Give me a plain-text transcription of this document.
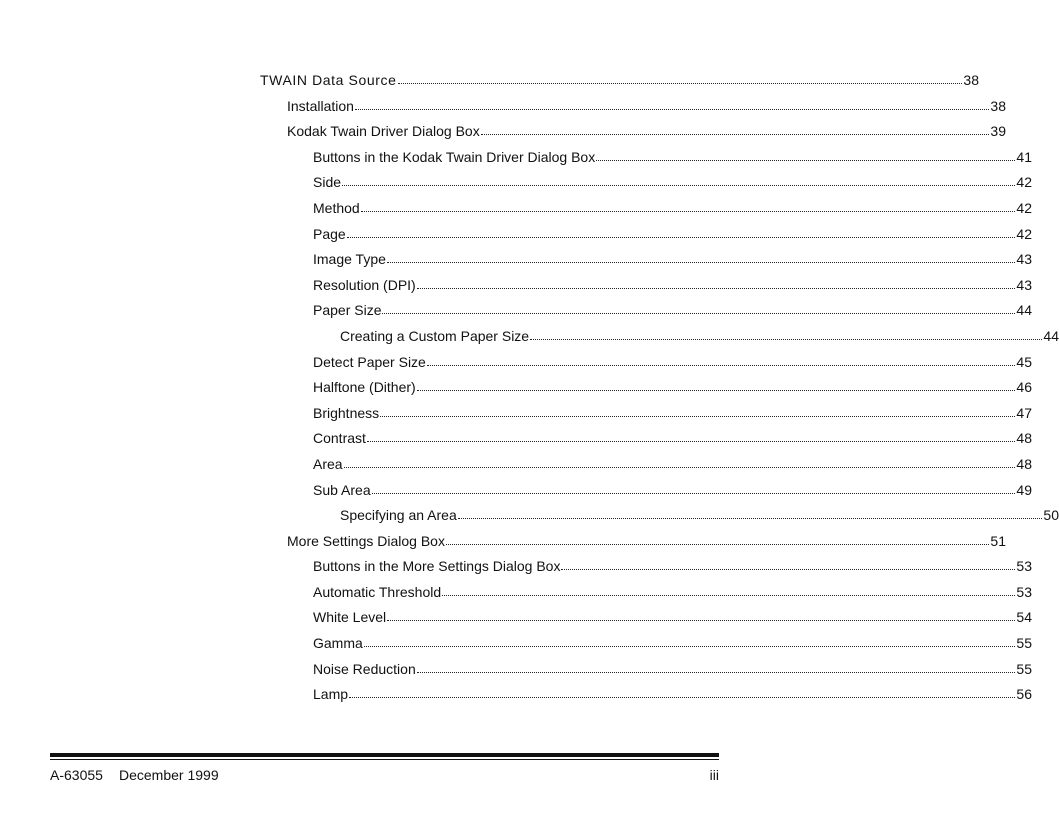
TWAIN Data Source	38
Installation	38
Kodak Twain Driver Dialog Box	39
Buttons in the Kodak Twain Driver Dialog Box	41
Side	42
Method	42
Page	42
Image Type	43
Resolution (DPI)	43
Paper Size	44
Creating a Custom Paper Size	44
Detect Paper Size	45
Halftone (Dither)	46
Brightness	47
Contrast	48
Area	48
Sub Area	49
Specifying an Area	50
More Settings Dialog Box	51
Buttons in the More Settings Dialog Box	53
Automatic Threshold	53
White Level	54
Gamma	55
Noise Reduction	55
Lamp	56
A-63055 December 1999	iii
